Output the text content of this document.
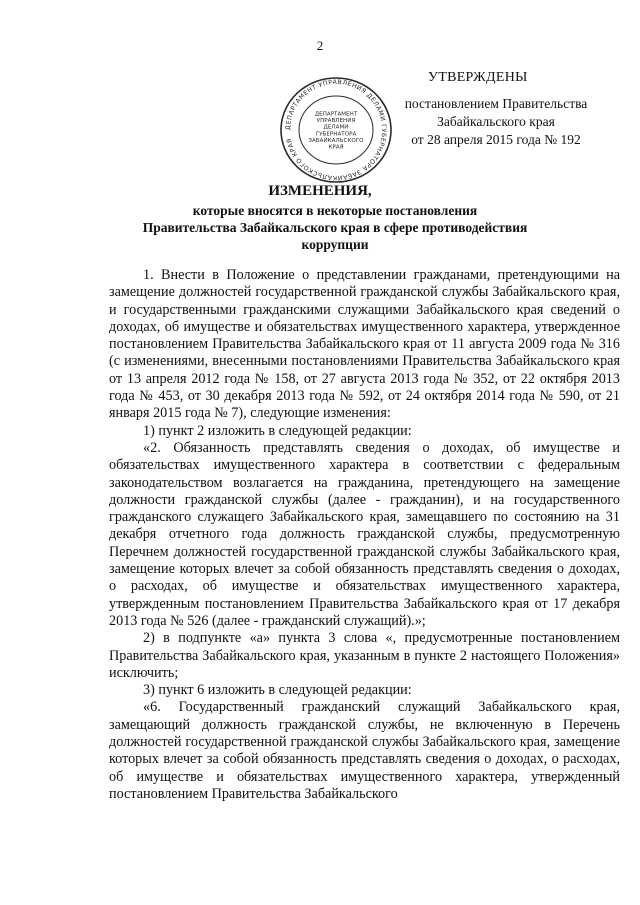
2
УТВЕРЖДЕНЫ
постановлением Правительства
Забайкальского края
от 28 апреля 2015 года № 192
ДЕПАРТАМЕНТ УПРАВЛЕНИЯ ДЕЛАМИ ГУБЕРНАТОРА ЗАБАЙКАЛЬСКОГО КРАЯ
ДЕПАРТАМЕНТ
УПРАВЛЕНИЯ
ДЕЛАМИ
ГУБЕРНАТОРА
ЗАБАЙКАЛЬСКОГО
КРАЯ
ИЗМЕНЕНИЯ,
которые вносятся в некоторые постановления
Правительства Забайкальского края в сфере противодействия
коррупции

1. Внести в Положение о представлении гражданами, претендующими на замещение должностей государственной гражданской службы Забайкальского края, и государственными гражданскими служащими Забайкальского края сведений о доходах, об имуществе и обязательствах имущественного характера, утвержденное постановлением Правительства Забайкальского края от 11 августа 2009 года № 316 (с изменениями, внесенными постановлениями Правительства Забайкальского края от 13 апреля 2012 года № 158, от 27 августа 2013 года № 352, от 22 октября 2013 года № 453, от 30 декабря 2013 года № 592, от 24 октября 2014 года № 590, от 21 января 2015 года № 7), следующие изменения:

1) пункт 2 изложить в следующей редакции:

«2. Обязанность представлять сведения о доходах, об имуществе и обязательствах имущественного характера в соответствии с федеральным законодательством возлагается на гражданина, претендующего на замещение должности гражданской службы (далее - гражданин), и на государственного гражданского служащего Забайкальского края, замещавшего по состоянию на 31 декабря отчетного года должность гражданской службы, предусмотренную Перечнем должностей государственной гражданской службы Забайкальского края, замещение которых влечет за собой обязанность представлять сведения о доходах, о расходах, об имуществе и обязательствах имущественного характера, утвержденным постановлением Правительства Забайкальского края от 17 декабря 2013 года № 526 (далее - гражданский служащий).»;

2) в подпункте «а» пункта 3 слова «, предусмотренные постановлением Правительства Забайкальского края, указанным в пункте 2 настоящего Положения» исключить;

3) пункт 6 изложить в следующей редакции:

«6. Государственный гражданский служащий Забайкальского края, замещающий должность гражданской службы, не включенную в Перечень должностей государственной гражданской службы Забайкальского края, замещение которых влечет за собой обязанность представлять сведения о доходах, о расходах, об имуществе и обязательствах имущественного характера, утвержденный постановлением Правительства Забайкальского
